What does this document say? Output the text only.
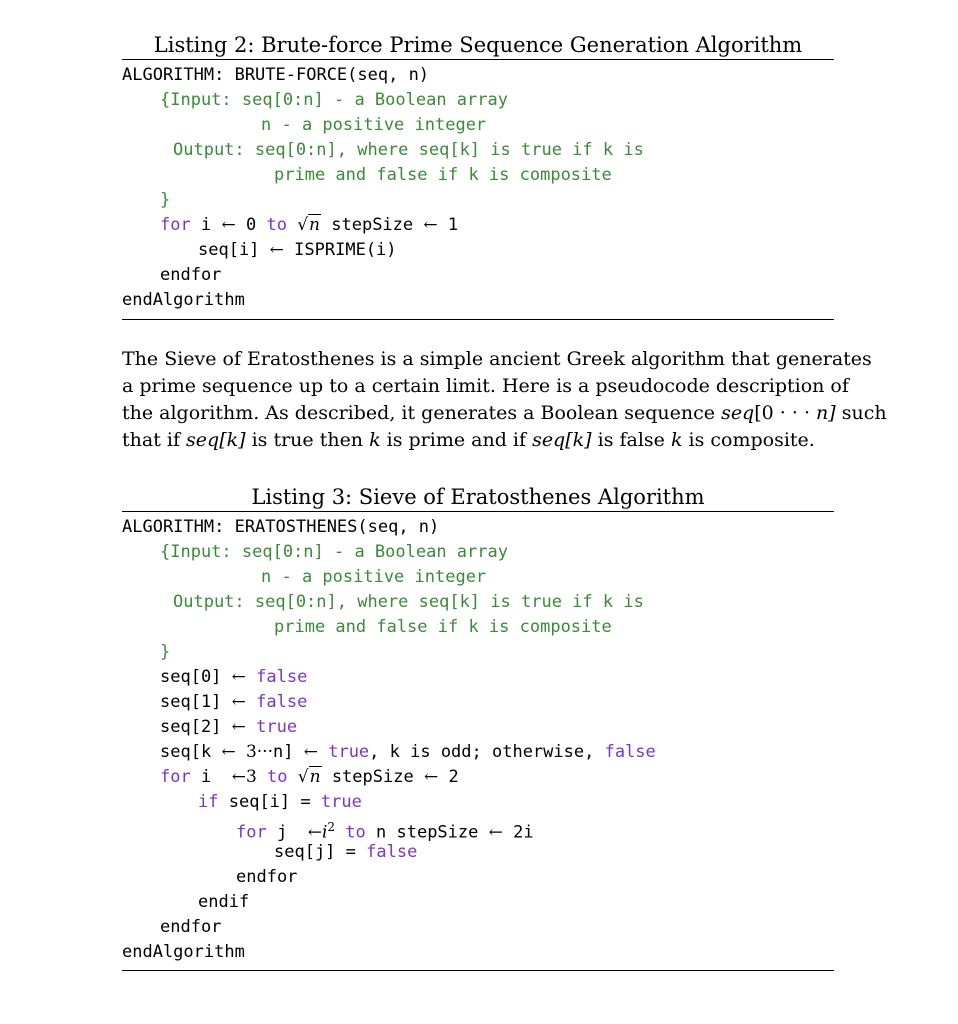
Listing 2: Brute-force Prime Sequence Generation Algorithm
ALGORITHM: BRUTE-FORCE(seq, n)
{Input: seq[0:n] - a Boolean array
n - a positive integer
Output: seq[0:n], where seq[k] is true if k is
prime and false if k is composite
}
for i ← 0 to √n stepSize ← 1
seq[i] ← ISPRIME(i)
endfor
endAlgorithm

The Sieve of Eratosthenes is a simple ancient Greek algorithm that generates
a prime sequence up to a certain limit. Here is a pseudocode description of
the algorithm. As described, it generates a Boolean sequence seq[0 · · · n] such
that if seq[k] is true then k is prime and if seq[k] is false k is composite.

Listing 3: Sieve of Eratosthenes Algorithm
ALGORITHM: ERATOSTHENES(seq, n)
{Input: seq[0:n] - a Boolean array
n - a positive integer
Output: seq[0:n], where seq[k] is true if k is
prime and false if k is composite
}
seq[0] ← false
seq[1] ← false
seq[2] ← true
seq[k ← 3···n] ← true, k is odd; otherwise, false
for i ←3 to √n stepSize ← 2
if seq[i] = true
for j $\leftarrow i^2$ to n stepSize ← 2i
seq[j] = false
endfor
endif
endfor
endAlgorithm
